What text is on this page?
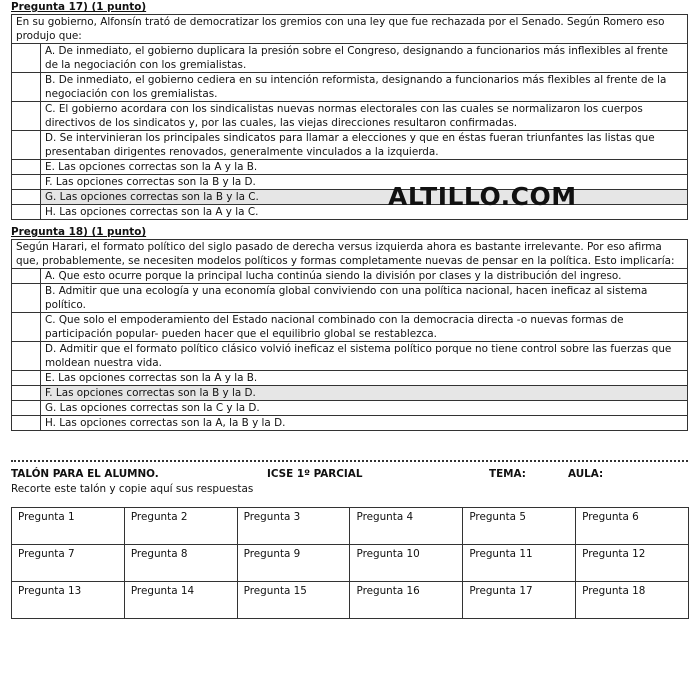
Pregunta 17) (1 punto)
En su gobierno, Alfonsín trató de democratizar los gremios con una ley que fue rechazada por el Senado. Según Romero eso produjo que:	
	A. De inmediato, el gobierno duplicara la presión sobre el Congreso, designando a funcionarios más inflexibles al frente de la negociación con los gremialistas.
	B. De inmediato, el gobierno cediera en su intención reformista, designando a funcionarios más flexibles al frente de la negociación con los gremialistas.
	C. El gobierno acordara con los sindicalistas nuevas normas electorales con las cuales se normalizaron los cuerpos directivos de los sindicatos y, por las cuales, las viejas direcciones resultaron confirmadas.
	D. Se intervinieran los principales sindicatos para llamar a elecciones y que en éstas fueran triunfantes las listas que presentaban dirigentes renovados, generalmente vinculados a la izquierda.
	E. Las opciones correctas son la A y la B.
	F. Las opciones correctas son la B y la D.
	G. Las opciones correctas son la B y la C.
	H. Las opciones correctas son la A y la C.
ALTILLO.COM
Pregunta 18) (1 punto)
Según Harari, el formato político del siglo pasado de derecha versus izquierda ahora es bastante irrelevante. Por eso afirma que, probablemente, se necesiten modelos políticos y formas completamente nuevas de pensar en la política. Esto implicaría:	
	A. Que esto ocurre porque la principal lucha continúa siendo la división por clases y la distribución del ingreso.
	B. Admitir que una ecología y una economía global conviviendo con una política nacional, hacen ineficaz al sistema político.
	C. Que solo el empoderamiento del Estado nacional combinado con la democracia directa -o nuevas formas de participación popular- pueden hacer que el equilibrio global se restablezca.
	D. Admitir que el formato político clásico volvió ineficaz el sistema político porque no tiene control sobre las fuerzas que moldean nuestra vida.
	E. Las opciones correctas son la A y la B.
	F. Las opciones correctas son la B y la D.
	G. Las opciones correctas son la C y la D.
	H. Las opciones correctas son la A, la B y la D.
TALÓN PARA EL ALUMNO.	ICSE 1º PARCIAL	TEMA:	AULA:
Recorte este talón y copie aquí sus respuestas
Pregunta 1	Pregunta 2	Pregunta 3	Pregunta 4	Pregunta 5	Pregunta 6
Pregunta 7	Pregunta 8	Pregunta 9	Pregunta 10	Pregunta 11	Pregunta 12
Pregunta 13	Pregunta 14	Pregunta 15	Pregunta 16	Pregunta 17	Pregunta 18
